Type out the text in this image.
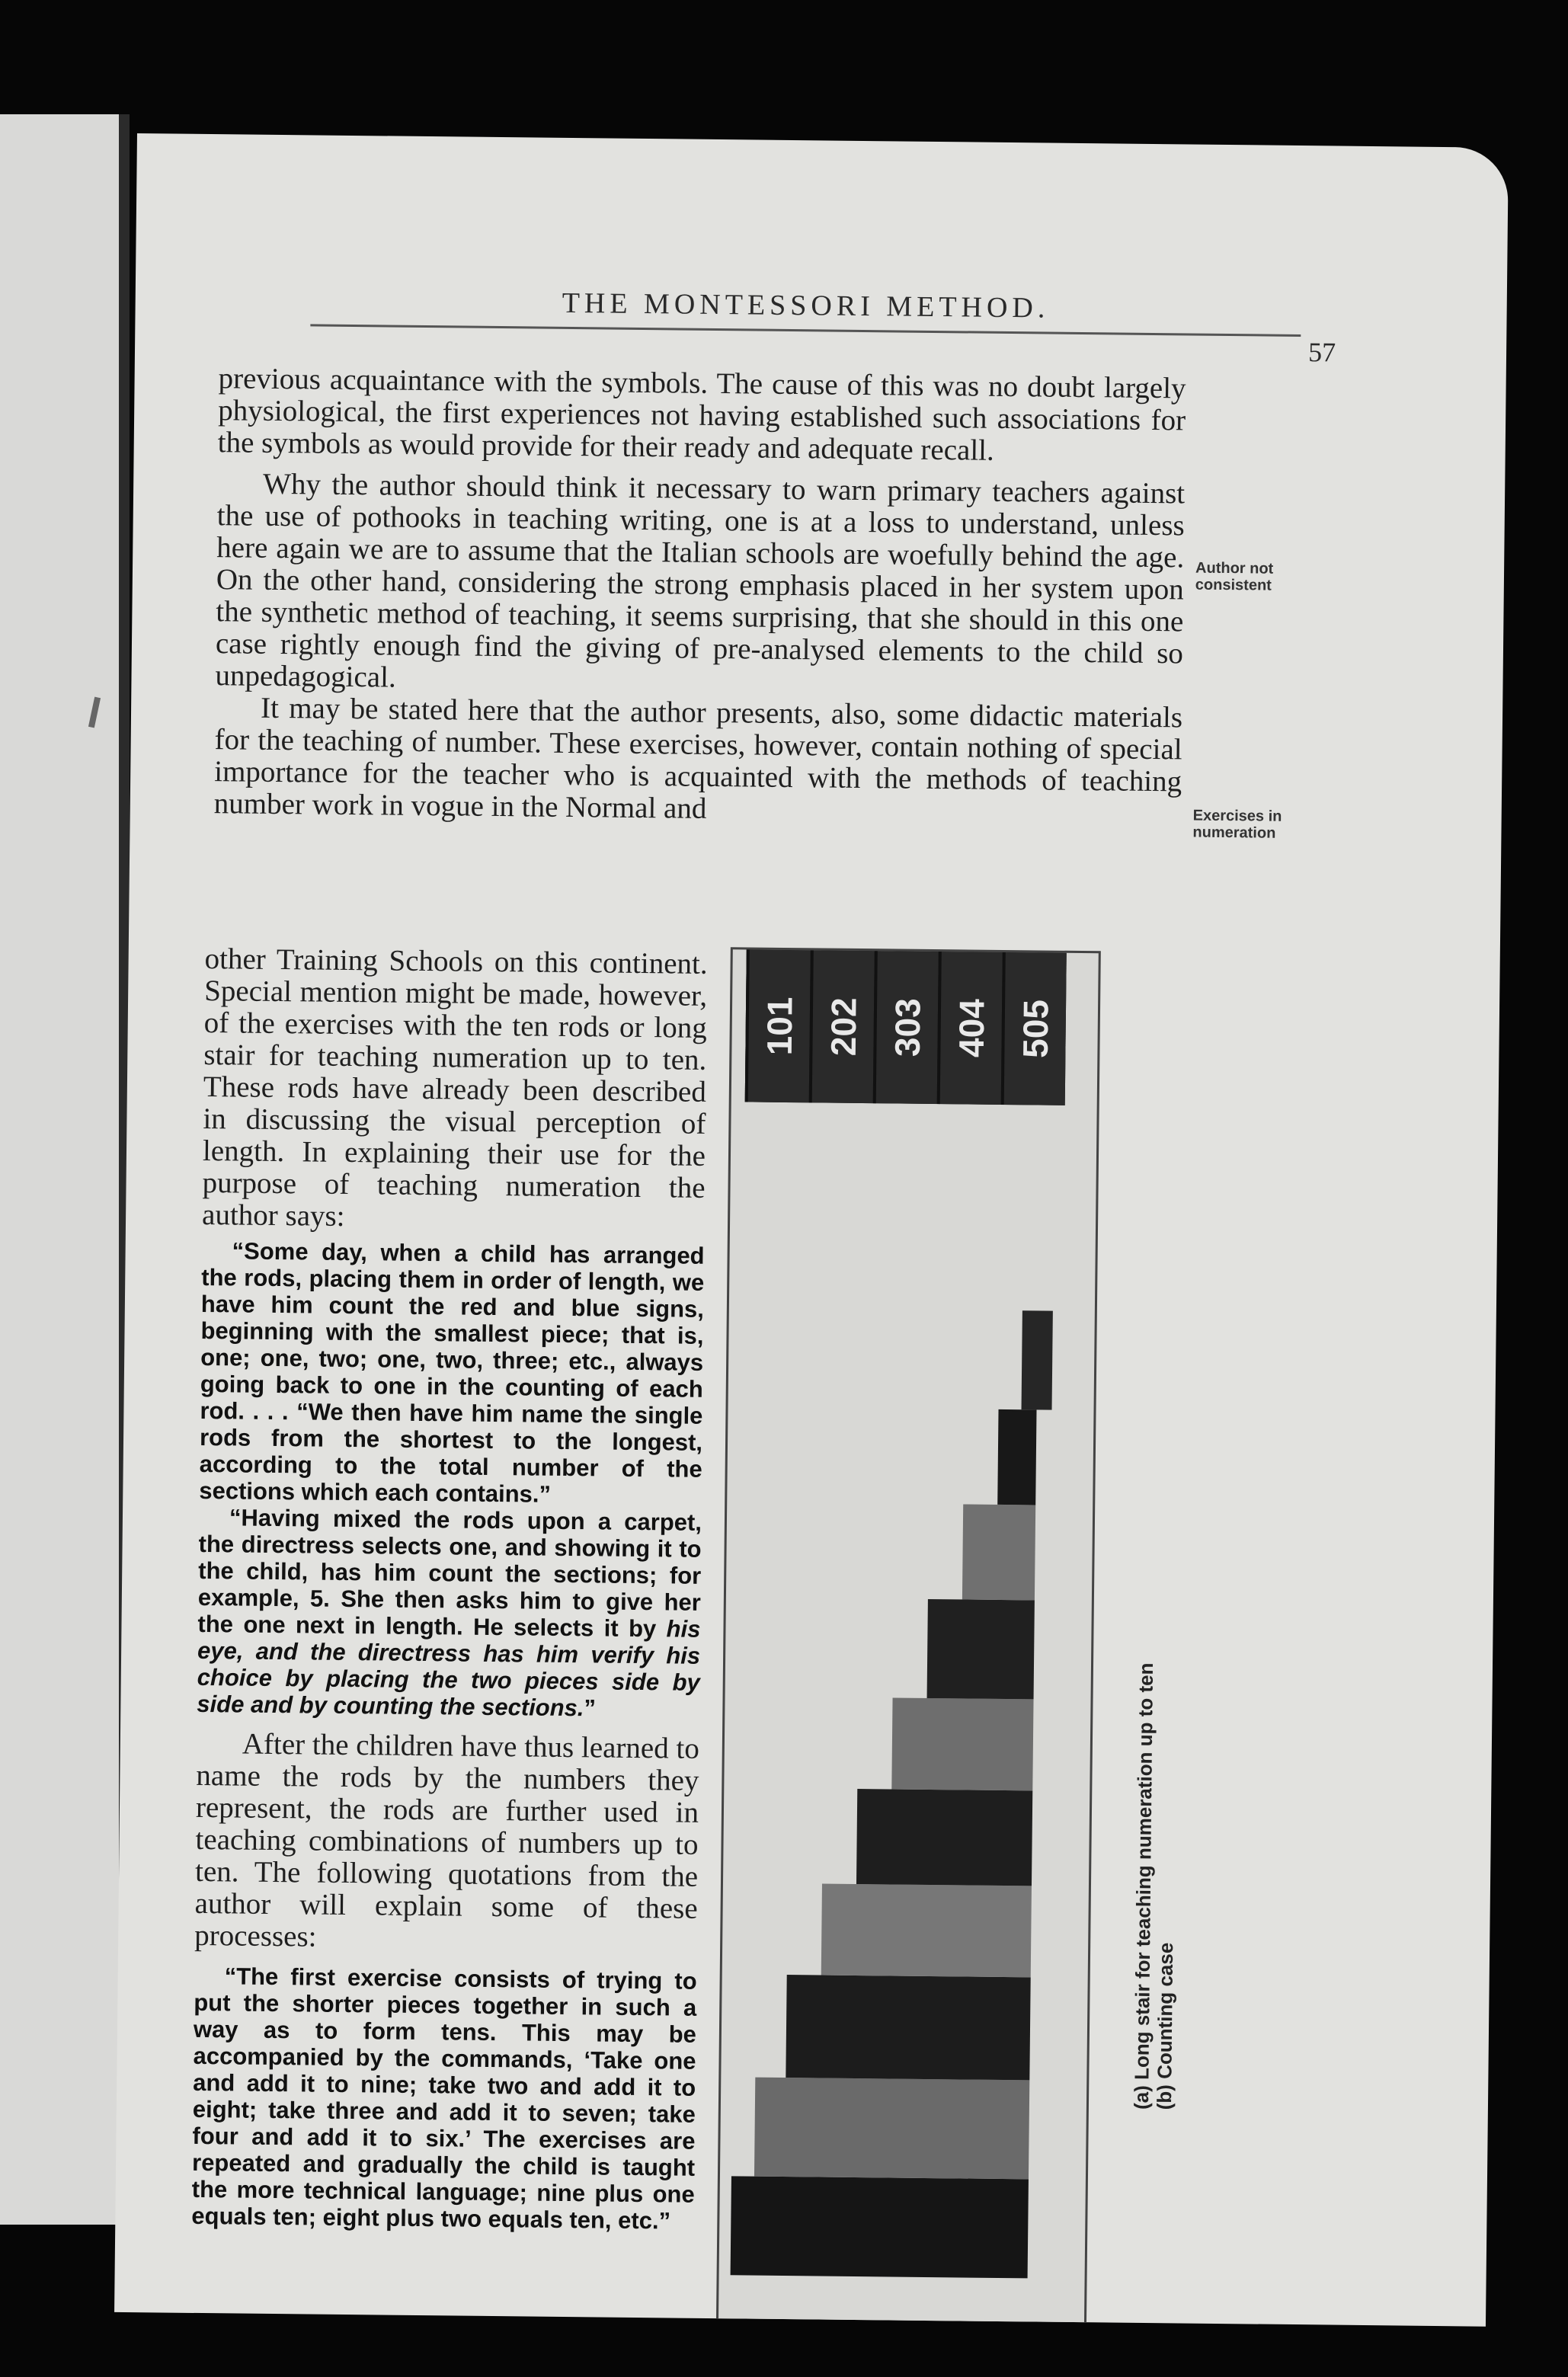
THE MONTESSORI METHOD.
57

previous acquaintance with the symbols. The cause of this was no doubt largely physiological, the first experiences not having established such associations for the symbols as would provide for their ready and adequate recall.

Why the author should think it necessary to warn primary teachers against the use of pothooks in teaching writing, one is at a loss to understand, unless here again we are to assume that the Italian schools are woefully behind the age. On the other hand, considering the strong emphasis placed in her system upon the synthetic method of teaching, it seems surprising, that she should in this one case rightly enough find the giving of pre-analysed elements to the child so unpedagogical.

It may be stated here that the author presents, also, some didactic materials for the teaching of number. These exercises, however, contain nothing of special importance for the teacher who is acquainted with the methods of teaching number work in vogue in the Normal and

Author not consistent
Exercises in numeration

other Training Schools on this continent. Special mention might be made, however, of the exercises with the ten rods or long stair for teaching numeration up to ten. These rods have already been described in discussing the visual perception of length. In explaining their use for the purpose of teaching numeration the author says:

“Some day, when a child has arranged the rods, placing them in order of length, we have him count the red and blue signs, beginning with the smallest piece; that is, one; one, two; one, two, three; etc., always going back to one in the counting of each rod. . . . “We then have him name the single rods from the shortest to the longest, according to the total number of the sections which each contains.”

“Having mixed the rods upon a carpet, the directress selects one, and showing it to the child, has him count the sections; for example, 5. She then asks him to give her the one next in length. He selects it by his eye, and the directress has him verify his choice by placing the two pieces side by side and by counting the sections.”

After the children have thus learned to name the rods by the numbers they represent, the rods are further used in teaching combinations of numbers up to ten. The following quotations from the author will explain some of these processes:

“The first exercise consists of trying to put the shorter pieces together in such a way as to form tens. This may be accompanied by the commands, ‘Take one and add it to nine; take two and add it to eight; take three and add it to seven; take four and add it to six.’ The exercises are repeated and gradually the child is taught the more technical language; nine plus one equals ten; eight plus two equals ten, etc.”

101 202 303 404 505
(a) Long stair for teaching numeration up to ten
(b) Counting case
